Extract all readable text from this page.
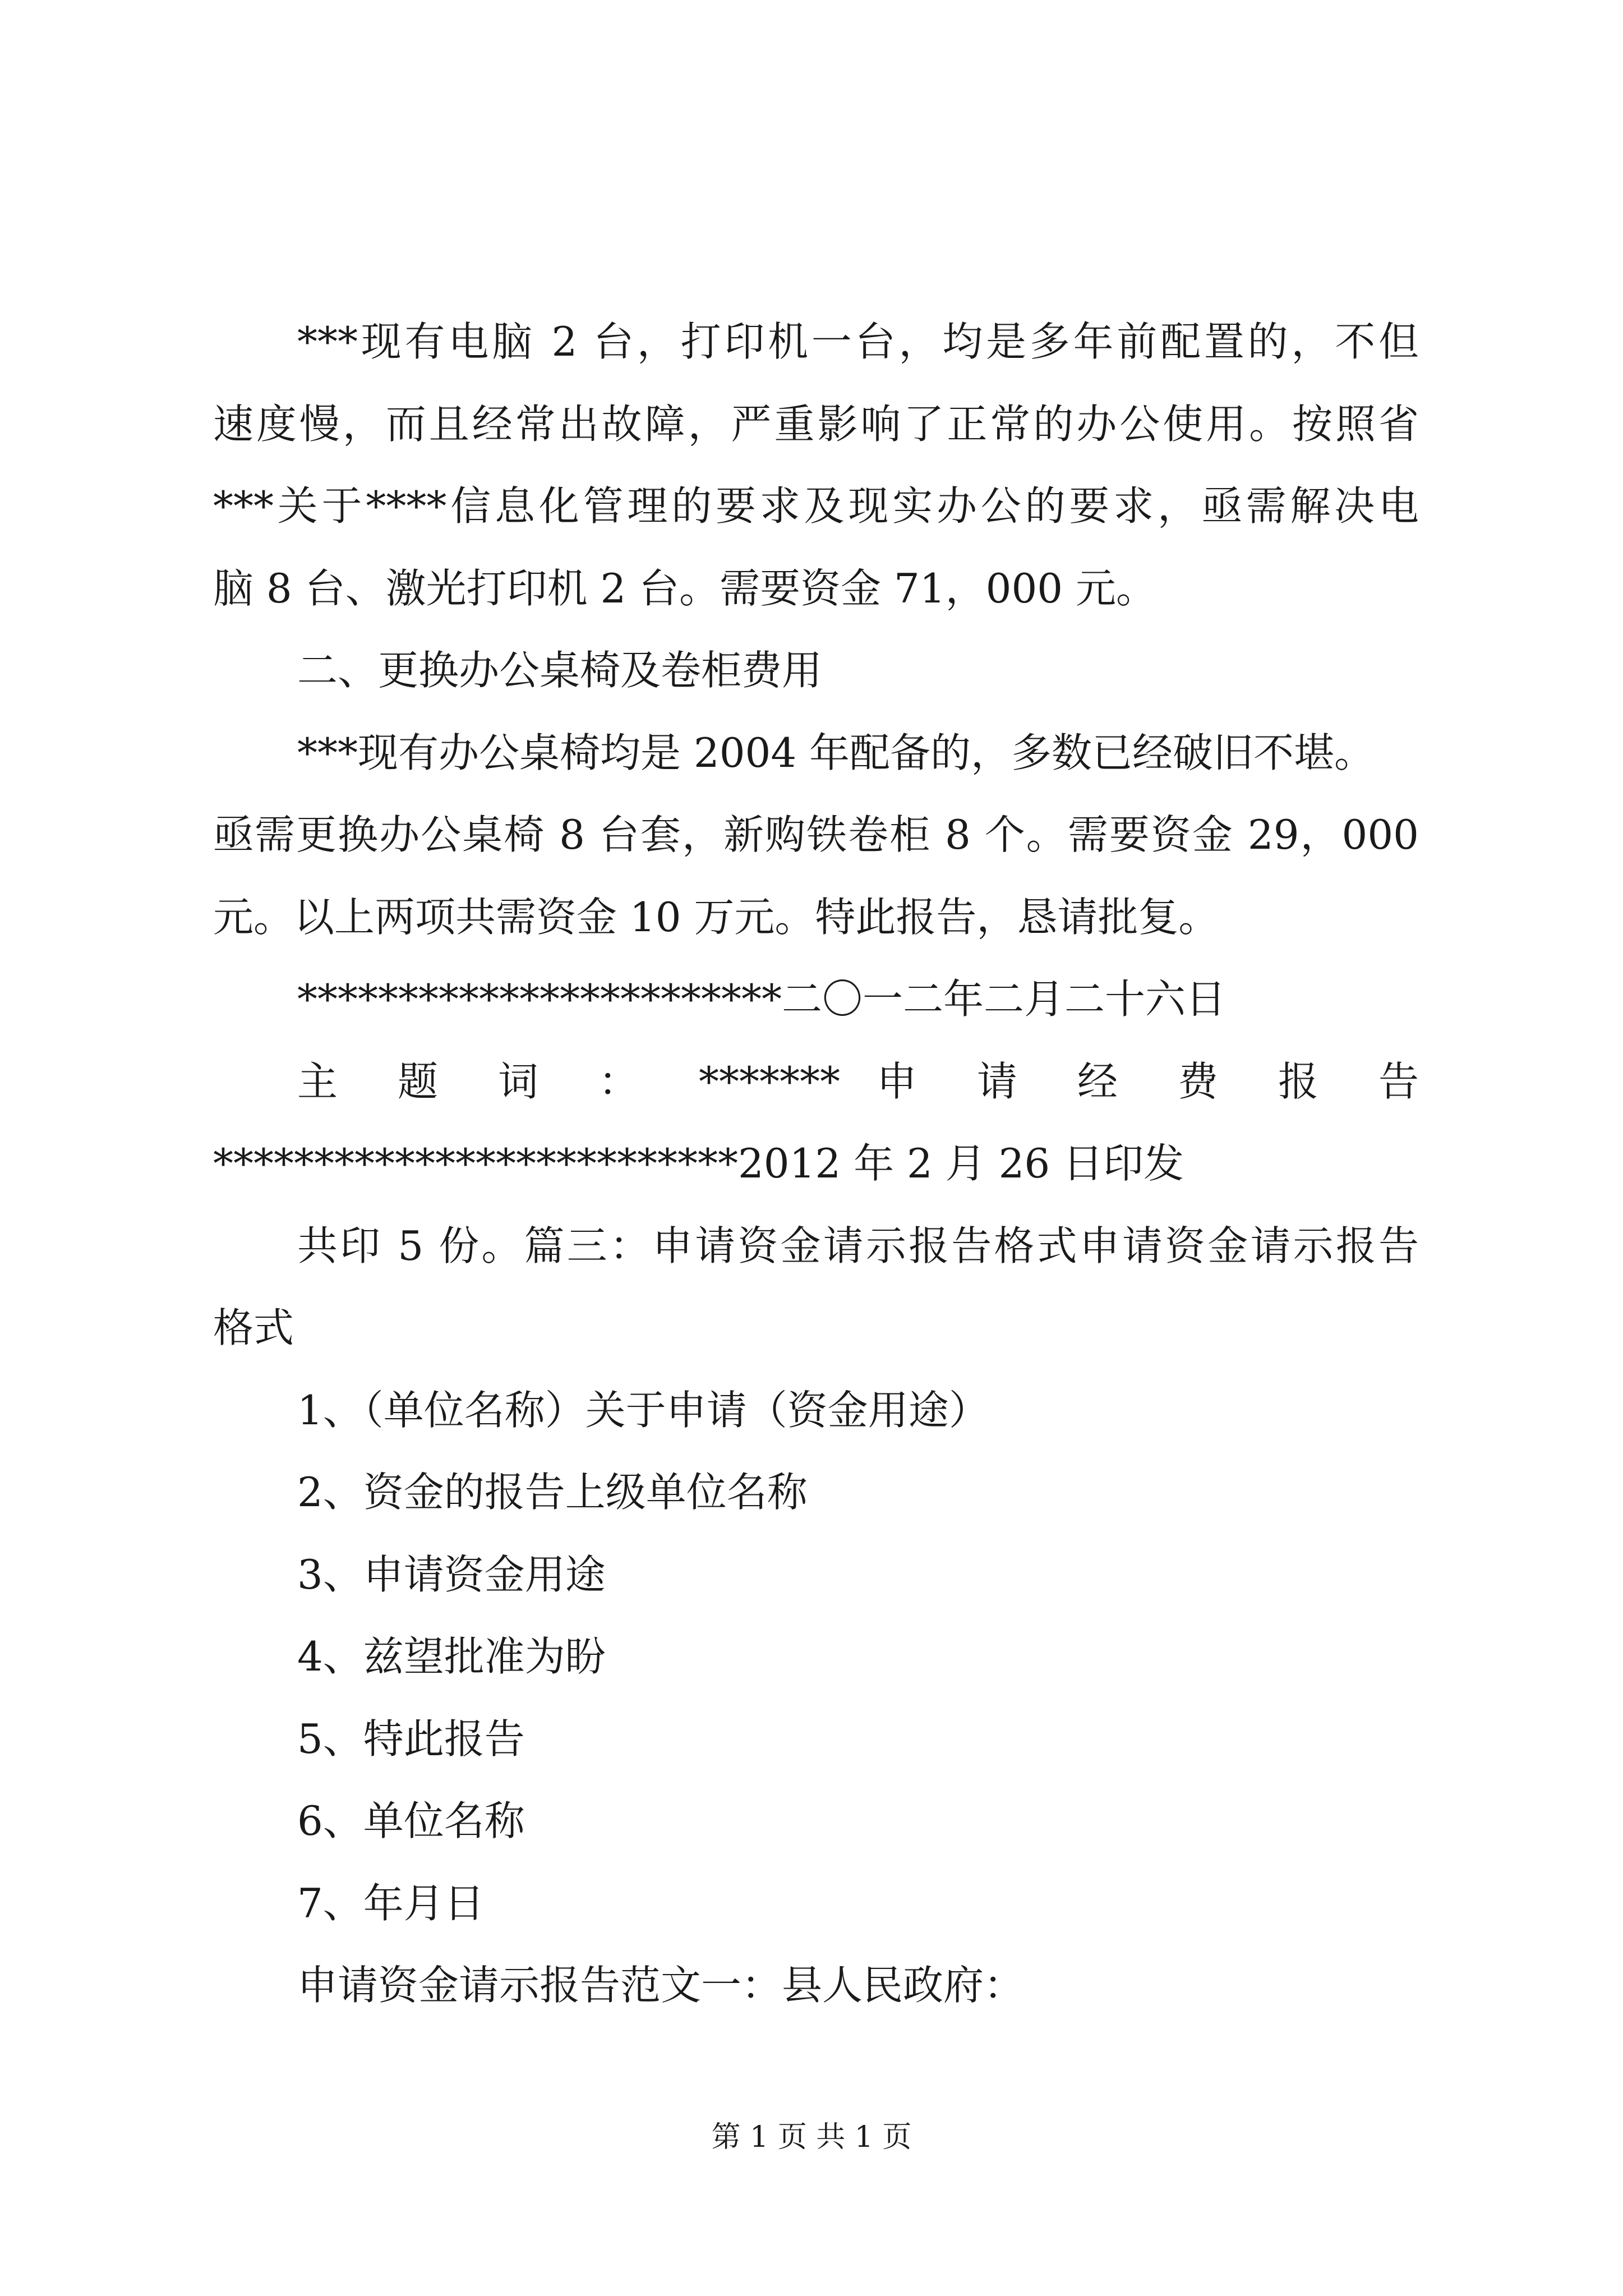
***现有电脑 2 台，打印机一台，均是多年前配置的，不但
速度慢，而且经常出故障，严重影响了正常的办公使用。按照省
***关于****信息化管理的要求及现实办公的要求，亟需解决电
脑 8 台、激光打印机 2 台。需要资金 71，000 元。
二、更换办公桌椅及卷柜费用
***现有办公桌椅均是 2004 年配备的，多数已经破旧不堪。
亟需更换办公桌椅 8 台套，新购铁卷柜 8 个。需要资金 29，000
元。以上两项共需资金 10 万元。特此报告，恳请批复。
************************二〇一二年二月二十六日
主 题 词 ： ******* 申 请 经 费 报 告
**************************2012 年 2 月 26 日印发
共印 5 份。篇三：申请资金请示报告格式申请资金请示报告
格式
1、（单位名称）关于申请（资金用途）
2、资金的报告上级单位名称
3、申请资金用途
4、兹望批准为盼
5、特此报告
6、单位名称
7、年月日
申请资金请示报告范文一：县人民政府：
第 1 页 共 1 页
